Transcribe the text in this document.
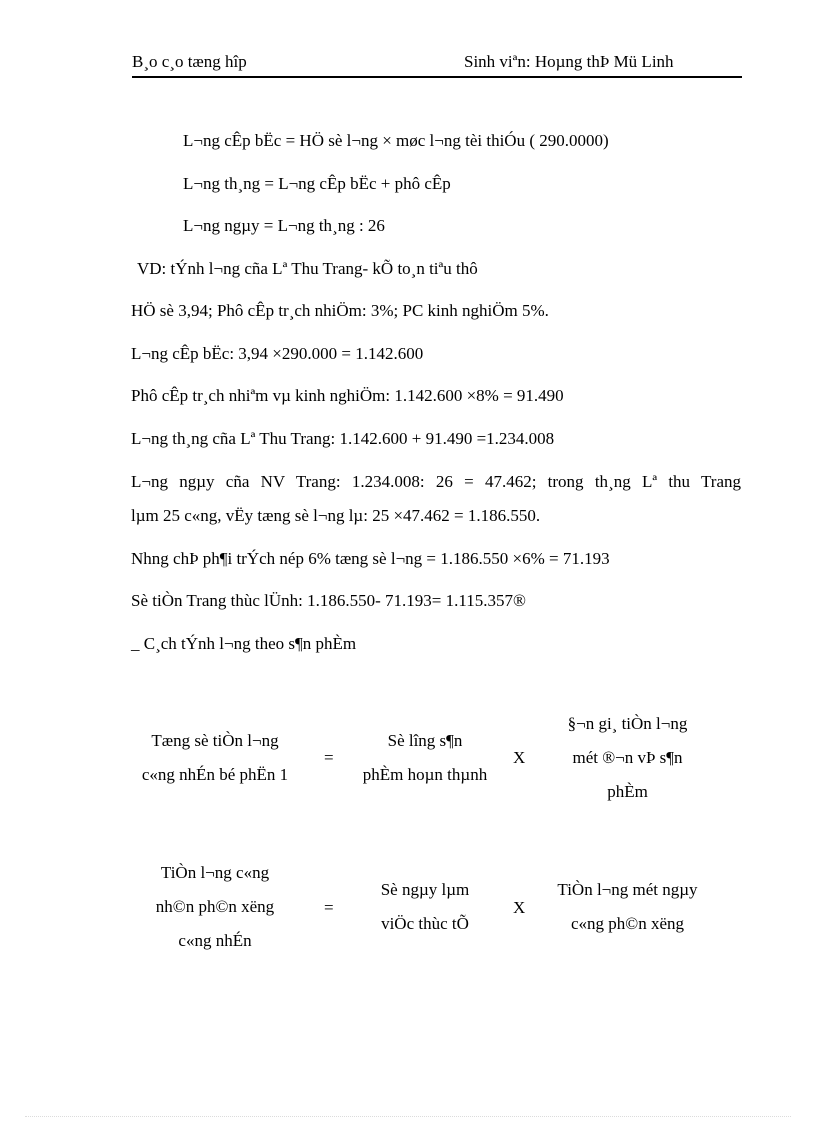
B¸o c¸o tæng hîp	Sinh viªn: Hoµng thÞ Mü Linh
L¬ng cÊp bËc = HÖ sè l¬ng × møc l¬ng tèi thiÓu ( 290.0000)
L¬ng th¸ng = L¬ng cÊp bËc + phô cÊp
L¬ng ngµy = L¬ng th¸ng : 26
VD: tÝnh l¬ng cña Lª Thu Trang- kÕ to¸n tiªu thô
HÖ sè 3,94; Phô cÊp tr¸ch nhiÖm: 3%; PC kinh nghiÖm 5%.
L¬ng cÊp bËc: 3,94 ×290.000 = 1.142.600
Phô cÊp tr¸ch nhiªm vµ kinh nghiÖm: 1.142.600 ×8% = 91.490
L¬ng th¸ng cña Lª Thu Trang: 1.142.600 + 91.490 =1.234.008
L¬ng ngµy cña NV Trang: 1.234.008: 26 = 47.462; trong th¸ng Lª thu Trang
lµm 25 c«ng, vËy tæng sè l¬ng lµ: 25 ×47.462 = 1.186.550.
Nhng chÞ ph¶i trÝch nép 6% tæng sè l¬ng = 1.186.550 ×6% = 71.193
Sè tiÒn Trang thùc lÜnh: 1.186.550- 71.193= 1.115.357®
_ C¸ch tÝnh l¬ng theo s¶n phÈm
Tæng sè tiÒn l¬ng
c«ng nhÉn bé phËn 1
=
Sè lîng s¶n
phÈm hoµn thµnh
X
§¬n gi¸ tiÒn l¬ng
mét ®¬n vÞ s¶n
phÈm
TiÒn l¬ng c«ng
nh©n ph©n xëng
c«ng nhÉn
=
Sè ngµy lµm
viÖc thùc tÕ
X
TiÒn l¬ng mét ngµy
c«ng ph©n xëng
